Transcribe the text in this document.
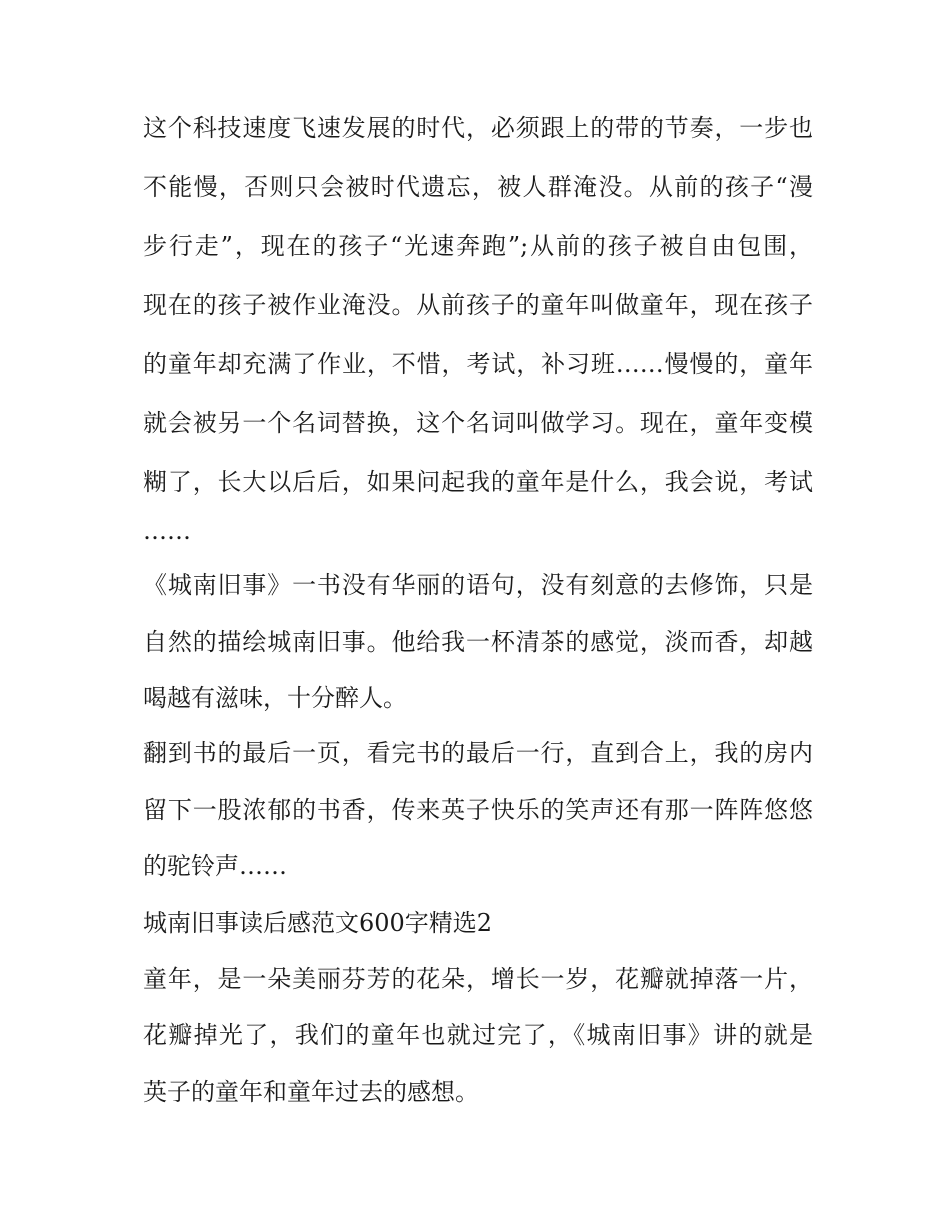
这个科技速度飞速发展的时代，必须跟上的带的节奏，一步也
不能慢，否则只会被时代遗忘，被人群淹没。从前的孩子“漫
步行走”，现在的孩子“光速奔跑”;从前的孩子被自由包围，
现在的孩子被作业淹没。从前孩子的童年叫做童年，现在孩子
的童年却充满了作业，不惜，考试，补习班……慢慢的，童年
就会被另一个名词替换，这个名词叫做学习。现在，童年变模
糊了，长大以后后，如果问起我的童年是什么，我会说，考试
……
《城南旧事》一书没有华丽的语句，没有刻意的去修饰，只是
自然的描绘城南旧事。他给我一杯清茶的感觉，淡而香，却越
喝越有滋味，十分醉人。
翻到书的最后一页，看完书的最后一行，直到合上，我的房内
留下一股浓郁的书香，传来英子快乐的笑声还有那一阵阵悠悠
的驼铃声……
城南旧事读后感范文600字精选2
童年，是一朵美丽芬芳的花朵，增长一岁，花瓣就掉落一片，
花瓣掉光了，我们的童年也就过完了，《城南旧事》讲的就是
英子的童年和童年过去的感想。
